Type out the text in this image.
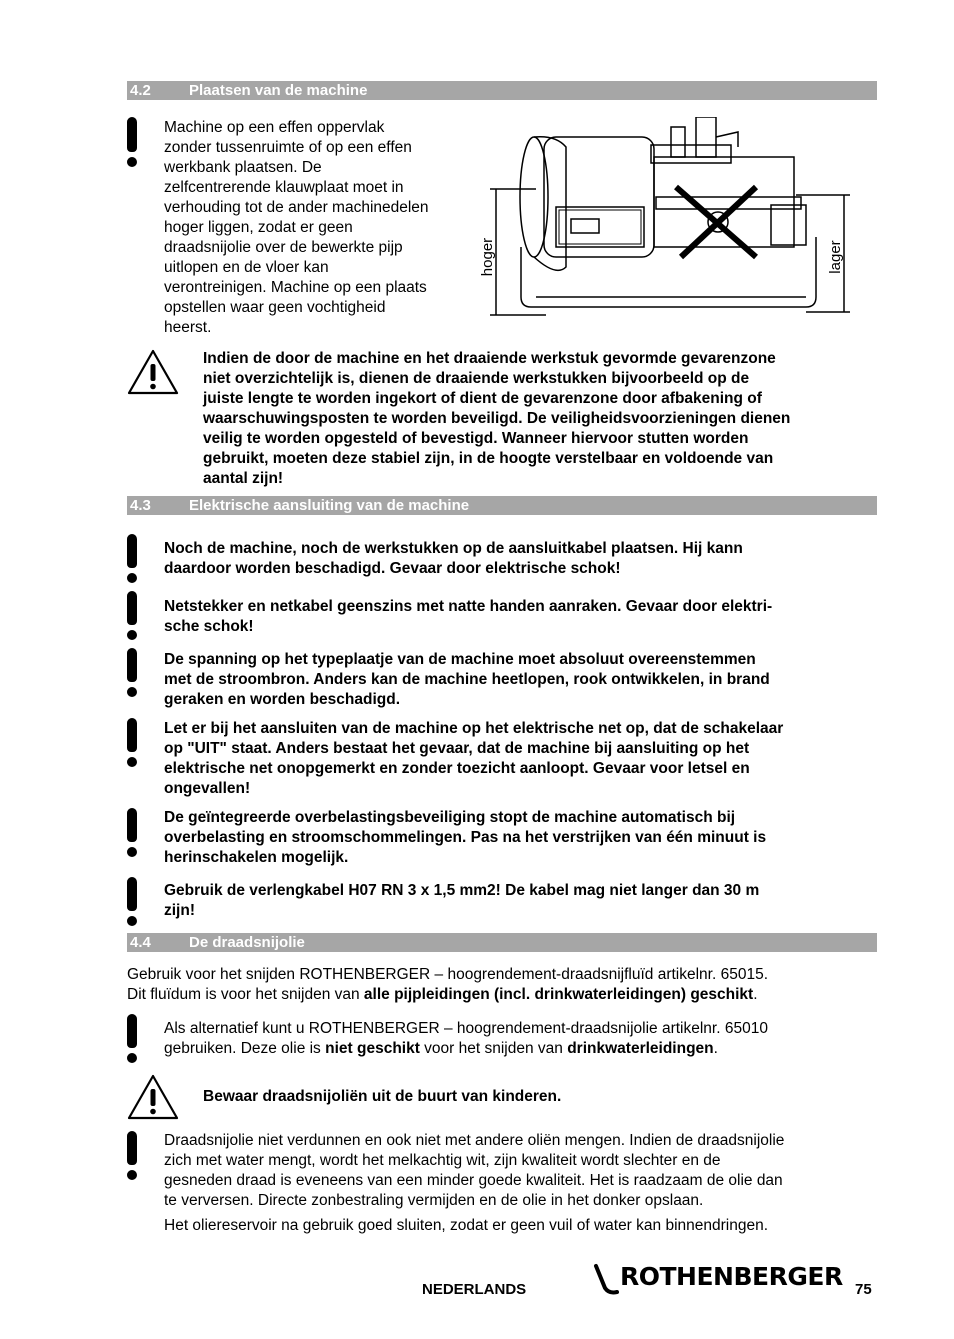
4.2	Plaatsen van de machine
Machine op een effen oppervlak
zonder tussenruimte of op een effen
werkbank plaatsen. De
zelfcentrerende klauwplaat moet in
verhouding tot de ander machinedelen
hoger liggen, zodat er geen
draadsnijolie over de bewerkte pijp
uitlopen en de vloer kan
verontreinigen. Machine op een plaats
opstellen waar geen vochtigheid
heerst.
hoger	lager
Indien de door de machine en het draaiende werkstuk gevormde gevarenzone
niet overzichtelijk is, dienen de draaiende werkstukken bijvoorbeeld op de
juiste lengte te worden ingekort of dient de gevarenzone door afbakening of
waarschuwingsposten te worden beveiligd. De veiligheidsvoorzieningen dienen
veilig te worden opgesteld of bevestigd. Wanneer hiervoor stutten worden
gebruikt, moeten deze stabiel zijn, in de hoogte verstelbaar en voldoende van
aantal zijn!
4.3	Elektrische aansluiting van de machine
Noch de machine, noch de werkstukken op de aansluitkabel plaatsen. Hij kann
daardoor worden beschadigd. Gevaar door elektrische schok!
Netstekker en netkabel geenszins met natte handen aanraken. Gevaar door elektri-
sche schok!
De spanning op het typeplaatje van de machine moet absoluut overeenstemmen
met de stroombron. Anders kan de machine heetlopen, rook ontwikkelen, in brand
geraken en worden beschadigd.
Let er bij het aansluiten van de machine op het elektrische net op, dat de schakelaar
op "UIT" staat. Anders bestaat het gevaar, dat de machine bij aansluiting op het
elektrische net onopgemerkt en zonder toezicht aanloopt. Gevaar voor letsel en
ongevallen!
De geïntegreerde overbelastingsbeveiliging stopt de machine automatisch bij
overbelasting en stroomschommelingen. Pas na het verstrijken van één minuut is
herinschakelen mogelijk.
Gebruik de verlengkabel H07 RN 3 x 1,5 mm2! De kabel mag niet langer dan 30 m
zijn!
4.4	De draadsnijolie
Gebruik voor het snijden ROTHENBERGER – hoogrendement-draadsnijfluïd artikelnr. 65015.
Dit fluïdum is voor het snijden van alle pijpleidingen (incl. drinkwaterleidingen) geschikt.
Als alternatief kunt u ROTHENBERGER – hoogrendement-draadsnijolie artikelnr. 65010
gebruiken. Deze olie is niet geschikt voor het snijden van drinkwaterleidingen.
Bewaar draadsnijoliën uit de buurt van kinderen.
Draadsnijolie niet verdunnen en ook niet met andere oliën mengen. Indien de draadsnijolie
zich met water mengt, wordt het melkachtig wit, zijn kwaliteit wordt slechter en de
gesneden draad is eveneens van een minder goede kwaliteit. Het is raadzaam de olie dan
te verversen. Directe zonbestraling vermijden en de olie in het donker opslaan.
Het oliereservoir na gebruik goed sluiten, zodat er geen vuil of water kan binnendringen.
NEDERLANDS	ROTHENBERGER 75
